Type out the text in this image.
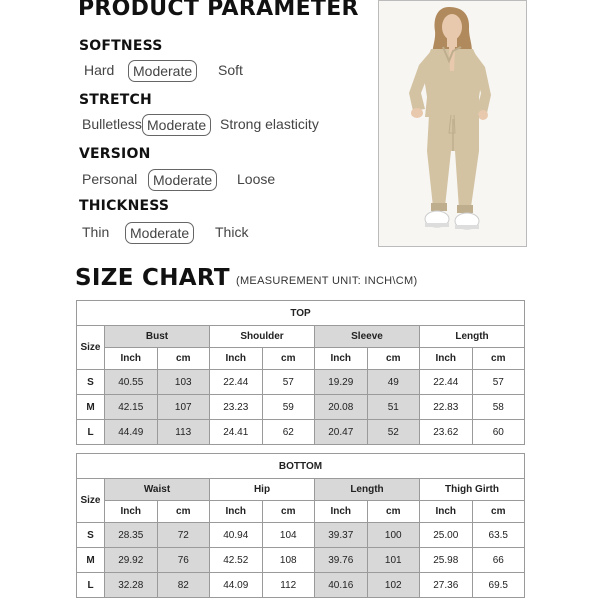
PRODUCT PARAMETER
SOFTNESS
Hard	Moderate	Soft
STRETCH
Bulletless Moderate Strong elasticity
VERSION
Personal	Moderate	Loose
THICKNESS
Thin	Moderate	Thick
SIZE CHART (MEASUREMENT UNIT: INCH\CM)
TOP								
Size	Bust		Shoulder		Sleeve		Length	
	Inch	cm	Inch	cm	Inch	cm	Inch	cm
S	40.55	103	22.44	57	19.29	49	22.44	57
M	42.15	107	23.23	59	20.08	51	22.83	58
L	44.49	113	24.41	62	20.47	52	23.62	60
BOTTOM								
Size	Waist		Hip		Length		Thigh Girth	
	Inch	cm	Inch	cm	Inch	cm	Inch	cm
S	28.35	72	40.94	104	39.37	100	25.00	63.5
M	29.92	76	42.52	108	39.76	101	25.98	66
L	32.28	82	44.09	112	40.16	102	27.36	69.5
